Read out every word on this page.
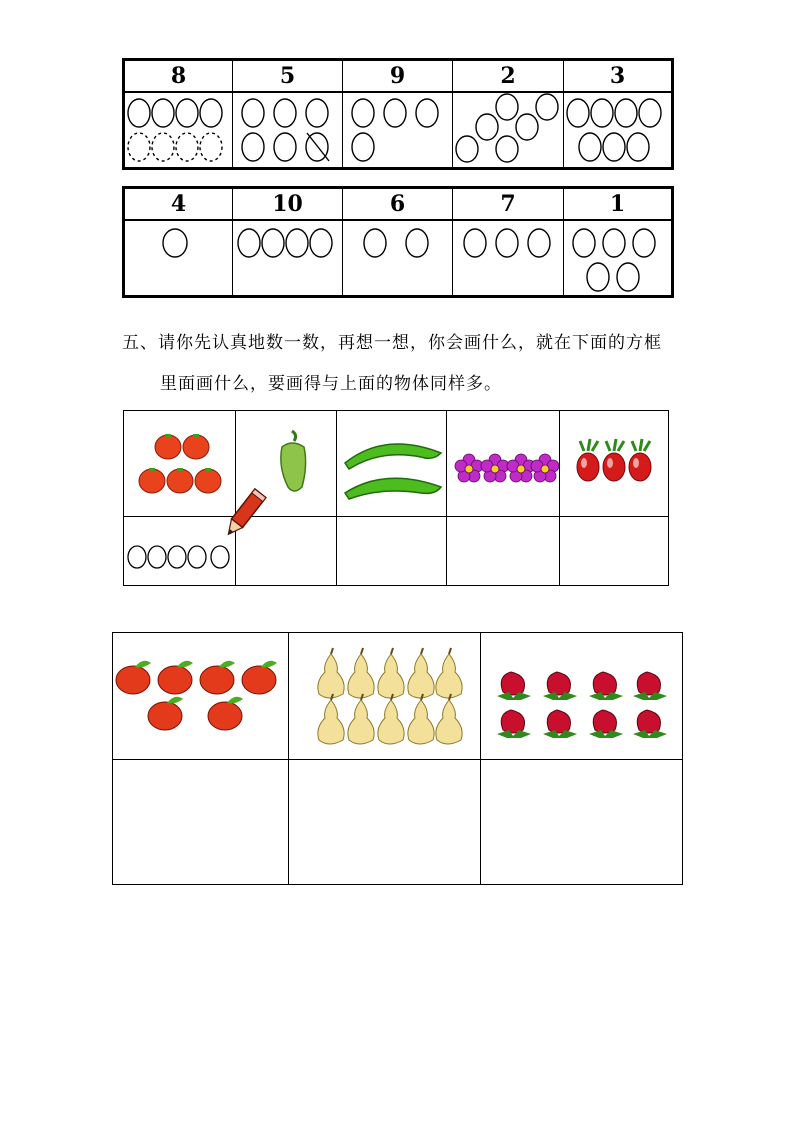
8	5	9	2	3

4	10	6	7	1

五、请你先认真地数一数，再想一想，你会画什么，就在下面的方框
里面画什么，要画得与上面的物体同样多。
